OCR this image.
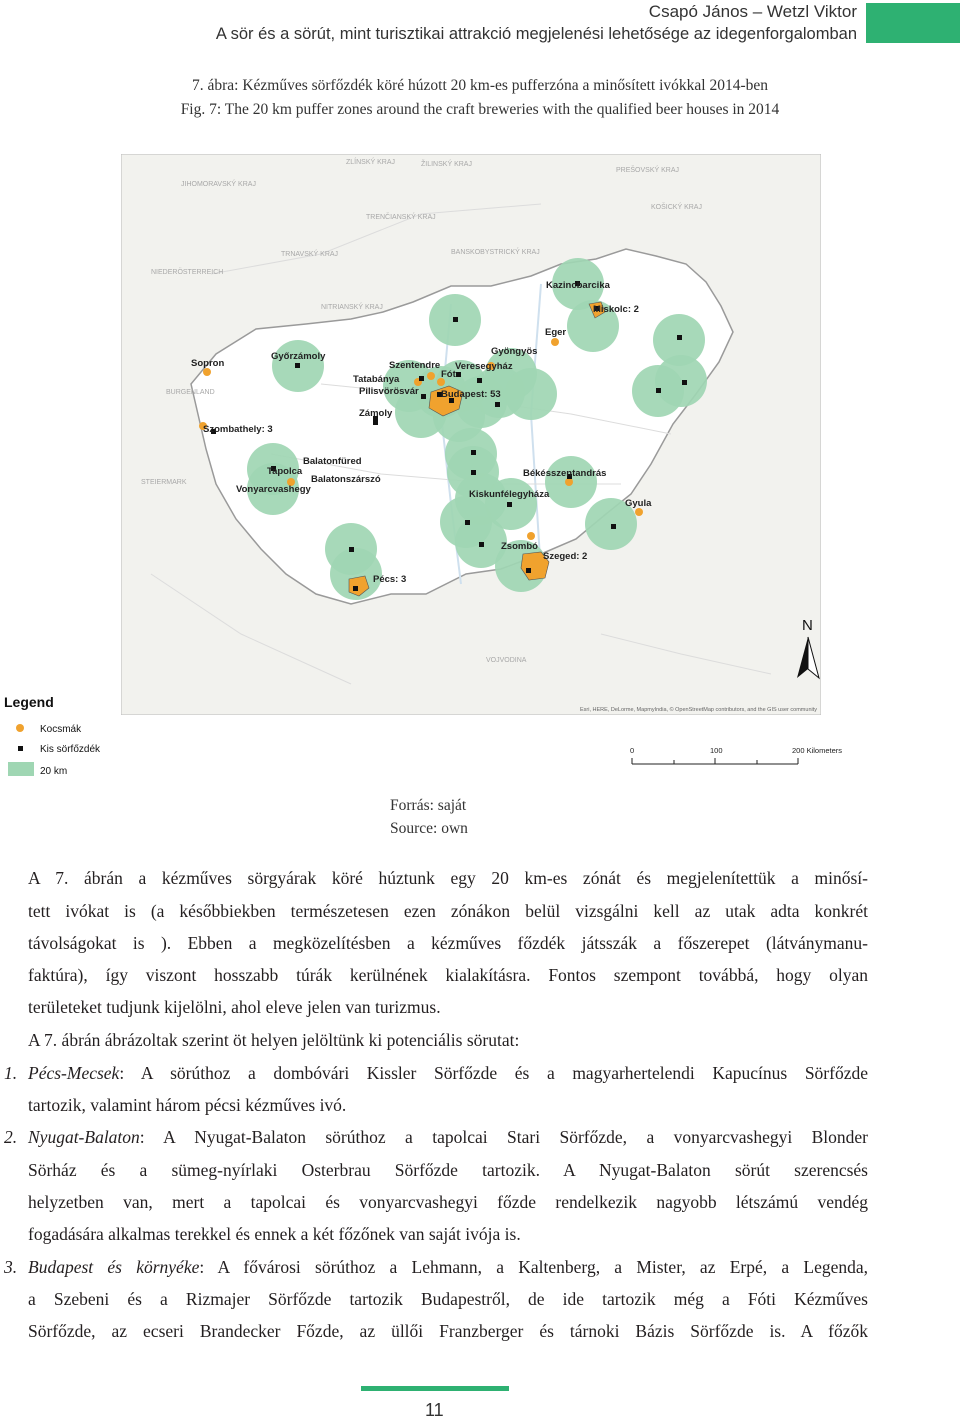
Csapó János – Wetzl Viktor
A sör és a sörút, mint turisztikai attrakció megjelenési lehetősége az idegenforgalomban
7. ábra: Kézműves sörfőzdék köré húzott 20 km-es pufferzóna a minősített ivókkal 2014-ben
Fig. 7: The 20 km puffer zones around the craft breweries with the qualified beer houses in 2014
ZLÍNSKÝ KRAJ	ŽILINSKÝ KRAJ
PREŠOVSKÝ KRAJ
JIHOMORAVSKÝ KRAJ
TRENČIANSKÝ KRAJ
BANSKOBYSTRICKÝ KRAJ
KOŠICKÝ KRAJ
TRNAVSKÝ KRAJ
NITRIANSKÝ KRAJ
NIEDERÖSTERREICH
BURGENLAND
STEIERMARK
VOJVODINA
Sopron
Győrzámoly
Szentendre
Tatabánya	Fót
Veresegyház
Pilisvörösvár Budapest: 53
Zámoly
Gyöngyös
Eger
Kazincbarcika
Miskolc: 2
Szombathely: 3
Balatonfüred
Tapolca
Balatonszárszó
Vonyarcvashegy
Békésszentandrás
Kiskunfélegyháza
Gyula
Zsombó
Szeged: 2
Pécs: 3
N
Esri, HERE, DeLorme, MapmyIndia, © OpenStreetMap contributors, and the GIS user community
Legend
Kocsmák
Kis sörfőzdék
20 km
0	100	200 Kilometers
Forrás: saját
Source: own
A 7. ábrán a kézműves sörgyárak köré húztunk egy 20 km-es zónát és megjelenítettük a minősí-
tett ivókat is (a későbbiekben természetesen ezen zónákon belül vizsgálni kell az utak adta konkrét
távolságokat is ). Ebben a megközelítésben a kézműves főzdék játsszák a főszerepet (látványmanu-
faktúra), így viszont hosszabb túrák kerülnének kialakításra. Fontos szempont továbbá, hogy olyan
területeket tudjunk kijelölni, ahol eleve jelen van turizmus.
A 7. ábrán ábrázoltak szerint öt helyen jelöltünk ki potenciális sörutat:
1. Pécs-Mecsek: A sörúthoz a dombóvári Kissler Sörfőzde és a magyarhertelendi Kapucínus Sörfőzde
tartozik, valamint három pécsi kézműves ivó.
2. Nyugat-Balaton: A Nyugat-Balaton sörúthoz a tapolcai Stari Sörfőzde, a vonyarcvashegyi Blonder
Sörház és a sümeg-nyírlaki Osterbrau Sörfőzde tartozik. A Nyugat-Balaton sörút szerencsés
helyzetben van, mert a tapolcai és vonyarcvashegyi főzde rendelkezik nagyobb létszámú vendég
fogadására alkalmas terekkel és ennek a két főzőnek van saját ivója is.
3. Budapest és környéke: A fővárosi sörúthoz a Lehmann, a Kaltenberg, a Mister, az Erpé, a Legenda,
a Szebeni és a Rizmajer Sörfőzde tartozik Budapestről, de ide tartozik még a Fóti Kézműves
Sörfőzde, az ecseri Brandecker Főzde, az üllői Franzberger és tárnoki Bázis Sörfőzde is. A főzők
11
